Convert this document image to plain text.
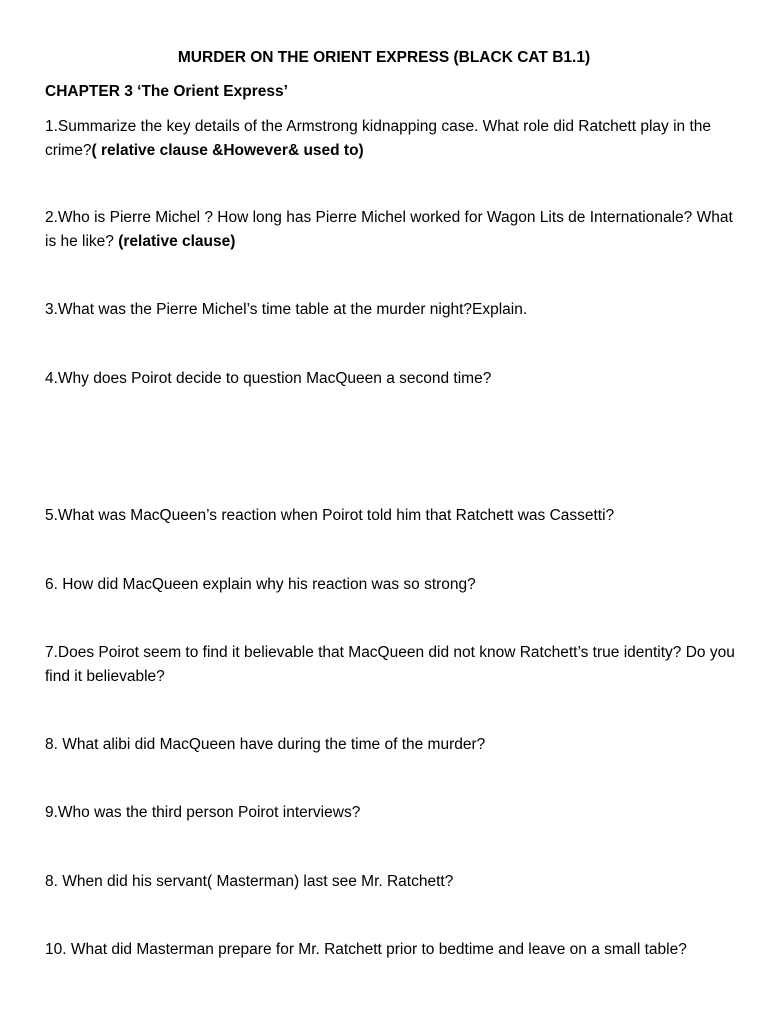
MURDER ON THE ORIENT EXPRESS (BLACK CAT B1.1)
CHAPTER 3 ‘The Orient Express’
1.Summarize the key details of the Armstrong kidnapping case. What role did Ratchett play in the crime?( relative clause &However& used to)
2.Who is Pierre Michel ? How long has Pierre Michel worked for Wagon Lits de Internationale? What is he like? (relative clause)
3.What was the Pierre Michel’s time table at the murder night?Explain.
4.Why does Poirot decide to question MacQueen a second time?
5.What was MacQueen’s reaction when Poirot told him that Ratchett was Cassetti?
6. How did MacQueen explain why his reaction was so strong?
7.Does Poirot seem to find it believable that MacQueen did not know Ratchett’s true identity? Do you find it believable?
8. What alibi did MacQueen have during the time of the murder?
9.Who was the third person Poirot interviews?
8. When did his servant( Masterman) last see Mr. Ratchett?
10. What did Masterman prepare for Mr. Ratchett prior to bedtime and leave on a small table?
